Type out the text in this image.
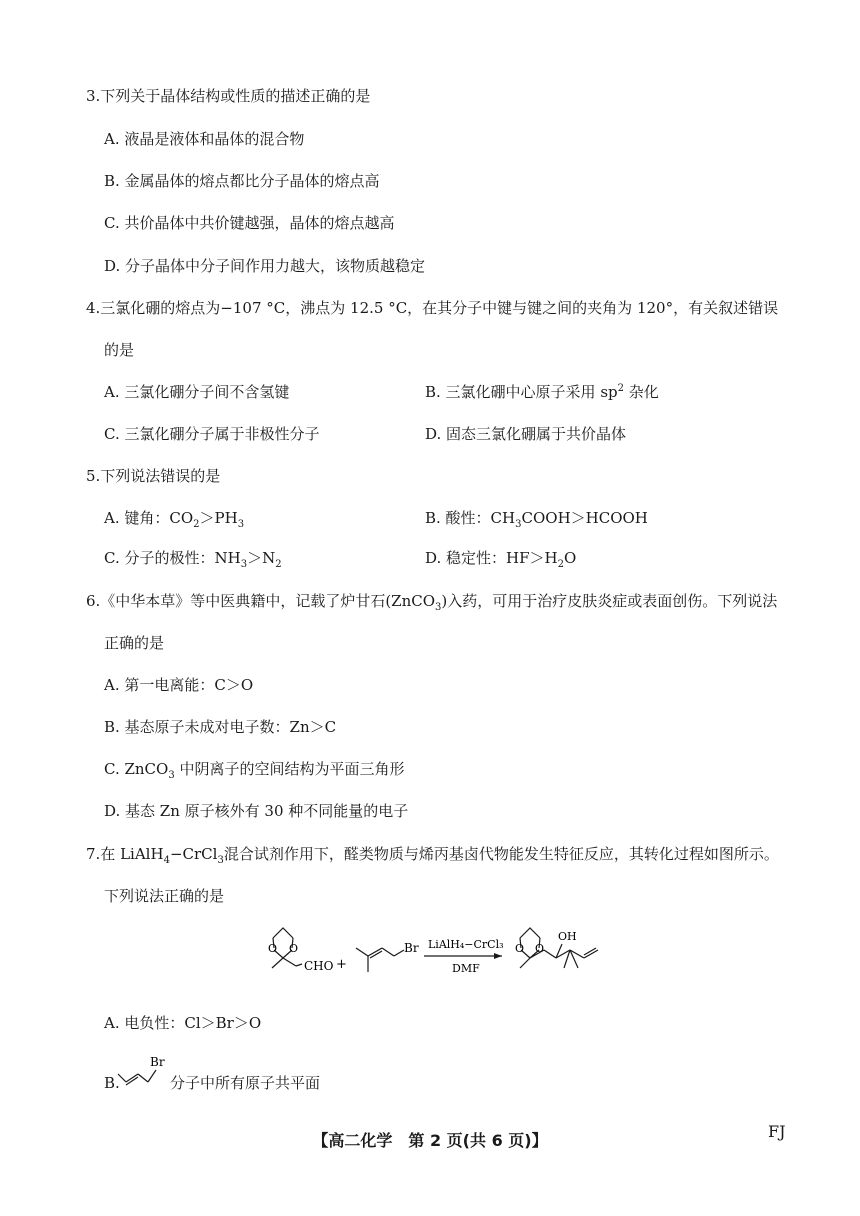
3.下列关于晶体结构或性质的描述正确的是
A. 液晶是液体和晶体的混合物
B. 金属晶体的熔点都比分子晶体的熔点高
C. 共价晶体中共价键越强，晶体的熔点越高
D. 分子晶体中分子间作用力越大，该物质越稳定
4.三氯化硼的熔点为−107 °C，沸点为 12.5 °C，在其分子中键与键之间的夹角为 120°，有关叙述错误
的是
A. 三氯化硼分子间不含氢键	B. 三氯化硼中心原子采用 $sp^2$ 杂化
C. 三氯化硼分子属于非极性分子	D. 固态三氯化硼属于共价晶体
5.下列说法错误的是
A. 键角：$CO_2>PH_3$	B. 酸性：$CH_3COOH>HCOOH$
C. 分子的极性：$NH_3>N_2$	D. 稳定性：$HF>H_2O$
6.《中华本草》等中医典籍中，记载了炉甘石(ZnCO$_3$)入药，可用于治疗皮肤炎症或表面创伤。下列说法
正确的是
A. 第一电离能：C＞O
B. 基态原子未成对电子数：Zn＞C
C. ZnCO$_3$ 中阴离子的空间结构为平面三角形
D. 基态 Zn 原子核外有 30 种不同能量的电子
7.在 LiAlH$_4$−CrCl$_3$混合试剂作用下，醛类物质与烯丙基卤代物能发生特征反应，其转化过程如图所示。
下列说法正确的是
O O
CHO +
Br LiAlH₄−CrCl₃
DMF
O O
OH
A. 电负性：Cl＞Br＞O
B.
Br
分子中所有原子共平面
【高二化学　第 2 页(共 6 页)】	FJ
